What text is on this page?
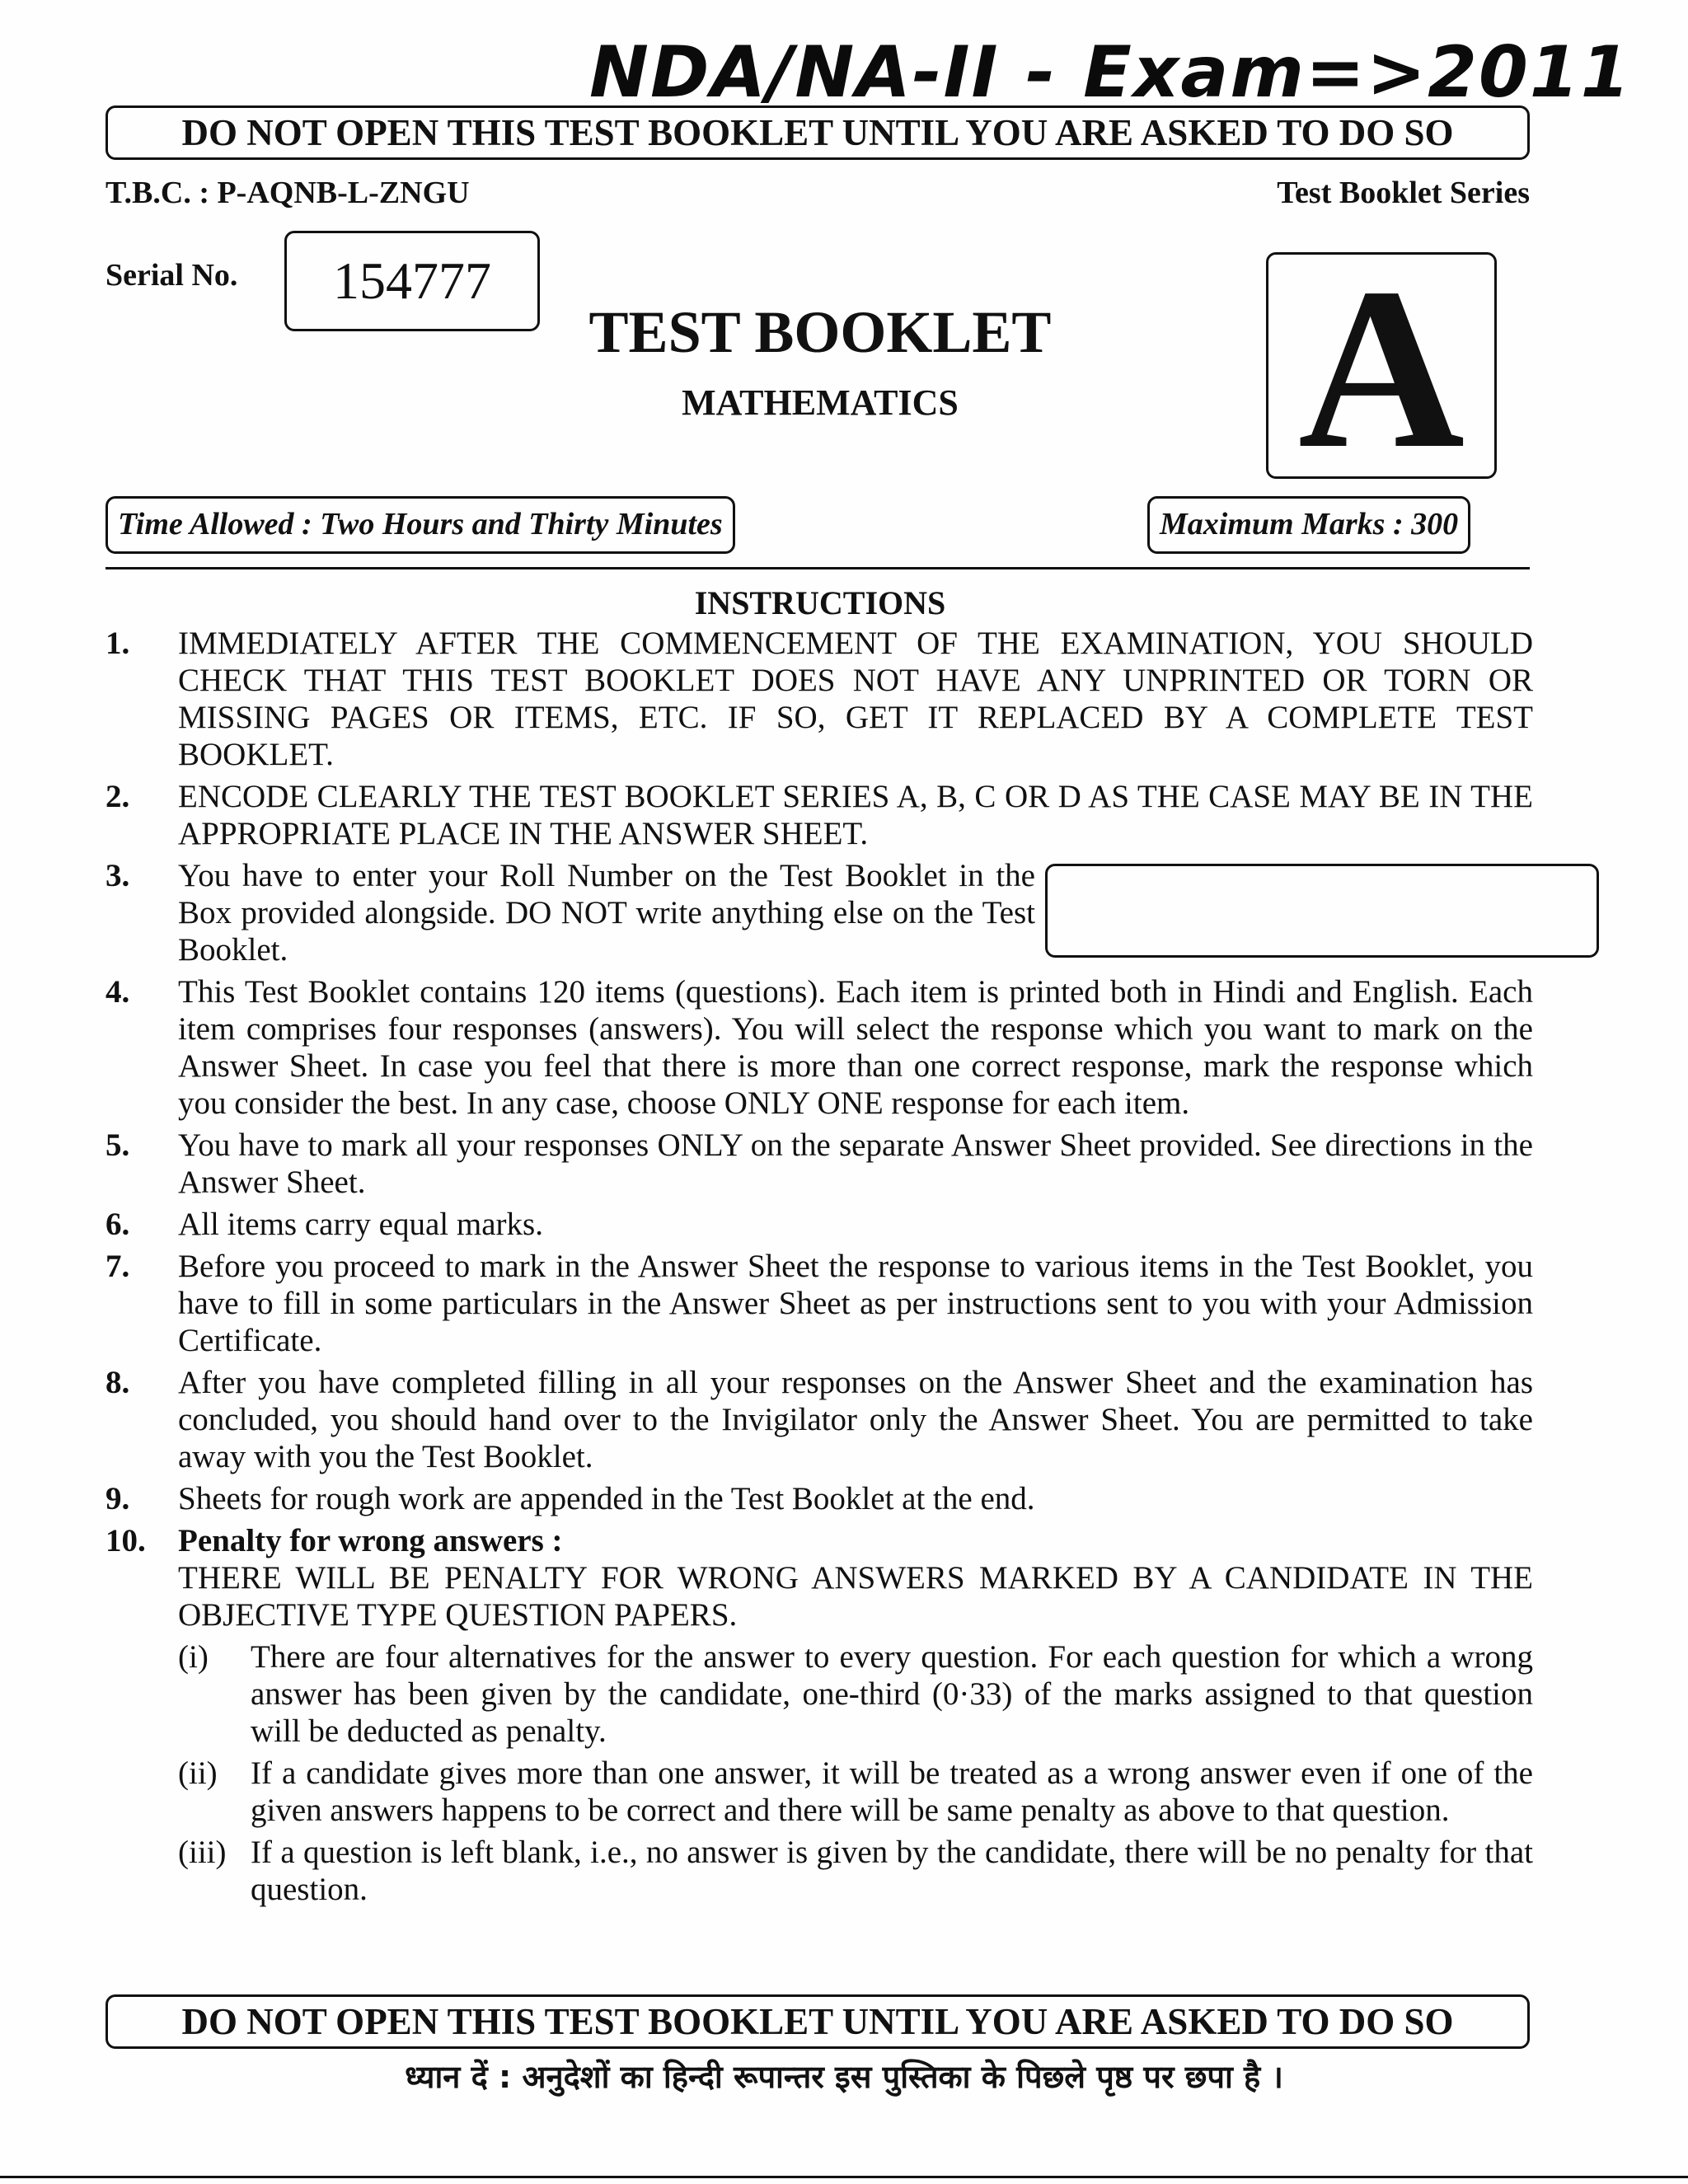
NDA/NA-II - Exam=>2011
DO NOT OPEN THIS TEST BOOKLET UNTIL YOU ARE ASKED TO DO SO
T.B.C. : P-AQNB-L-ZNGU	Test Booklet Series
Serial No.	154777
TEST BOOKLET
MATHEMATICS	A
Time Allowed : Two Hours and Thirty Minutes	Maximum Marks : 300
INSTRUCTIONS
1.	IMMEDIATELY AFTER THE COMMENCEMENT OF THE EXAMINATION, YOU SHOULD CHECK THAT THIS TEST BOOKLET DOES NOT HAVE ANY UNPRINTED OR TORN OR MISSING PAGES OR ITEMS, ETC. IF SO, GET IT REPLACED BY A COMPLETE TEST BOOKLET.
2.	ENCODE CLEARLY THE TEST BOOKLET SERIES A, B, C OR D AS THE CASE MAY BE IN THE APPROPRIATE PLACE IN THE ANSWER SHEET.
3.	You have to enter your Roll Number on the Test Booklet in the Box provided alongside. DO NOT write anything else on the Test Booklet.
4.	This Test Booklet contains 120 items (questions). Each item is printed both in Hindi and English. Each item comprises four responses (answers). You will select the response which you want to mark on the Answer Sheet. In case you feel that there is more than one correct response, mark the response which you consider the best. In any case, choose ONLY ONE response for each item.
5.	You have to mark all your responses ONLY on the separate Answer Sheet provided. See directions in the Answer Sheet.
6.	All items carry equal marks.
7.	Before you proceed to mark in the Answer Sheet the response to various items in the Test Booklet, you have to fill in some particulars in the Answer Sheet as per instructions sent to you with your Admission Certificate.
8.	After you have completed filling in all your responses on the Answer Sheet and the examination has concluded, you should hand over to the Invigilator only the Answer Sheet. You are permitted to take away with you the Test Booklet.
9.	Sheets for rough work are appended in the Test Booklet at the end.
10.	Penalty for wrong answers :
THERE WILL BE PENALTY FOR WRONG ANSWERS MARKED BY A CANDIDATE IN THE OBJECTIVE TYPE QUESTION PAPERS.
(i)	There are four alternatives for the answer to every question. For each question for which a wrong answer has been given by the candidate, one-third (0·33) of the marks assigned to that question will be deducted as penalty.
(ii)	If a candidate gives more than one answer, it will be treated as a wrong answer even if one of the given answers happens to be correct and there will be same penalty as above to that question.
(iii) If a question is left blank, i.e., no answer is given by the candidate, there will be no penalty for that question.
DO NOT OPEN THIS TEST BOOKLET UNTIL YOU ARE ASKED TO DO SO
ध्यान दें : अनुदेशों का हिन्दी रूपान्तर इस पुस्तिका के पिछले पृष्ठ पर छपा है ।
